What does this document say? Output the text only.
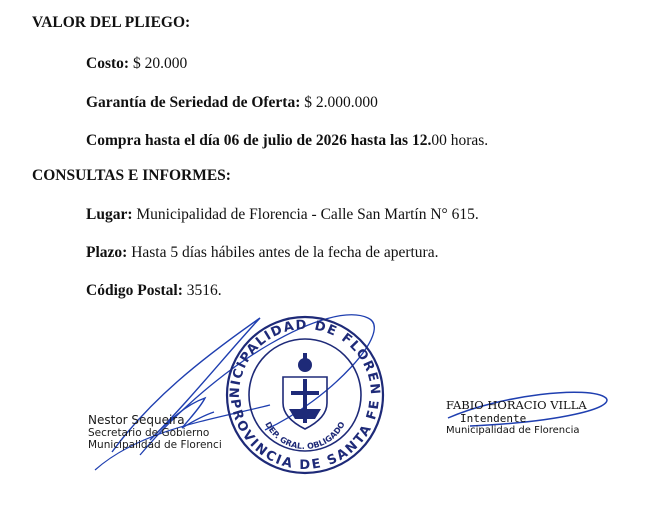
VALOR DEL PLIEGO:
Costo: $ 20.000
Garantía de Seriedad de Oferta: $ 2.000.000
Compra hasta el día 06 de julio de 2026 hasta las 12.00 horas.
CONSULTAS E INFORMES:
Lugar: Municipalidad de Florencia - Calle San Martín N° 615.
Plazo: Hasta 5 días hábiles antes de la fecha de apertura.
Código Postal: 3516.
NICIPALIDAD DE FLOREN
PROVINCIA DE SANTA FE
DEP. GRAL. OBLIGADO
Nestor Sequeira
Secretario de Gobierno
Municipalidad de Florenci
FABIO HORACIO VILLA
Intendente
Municipalidad de Florencia
